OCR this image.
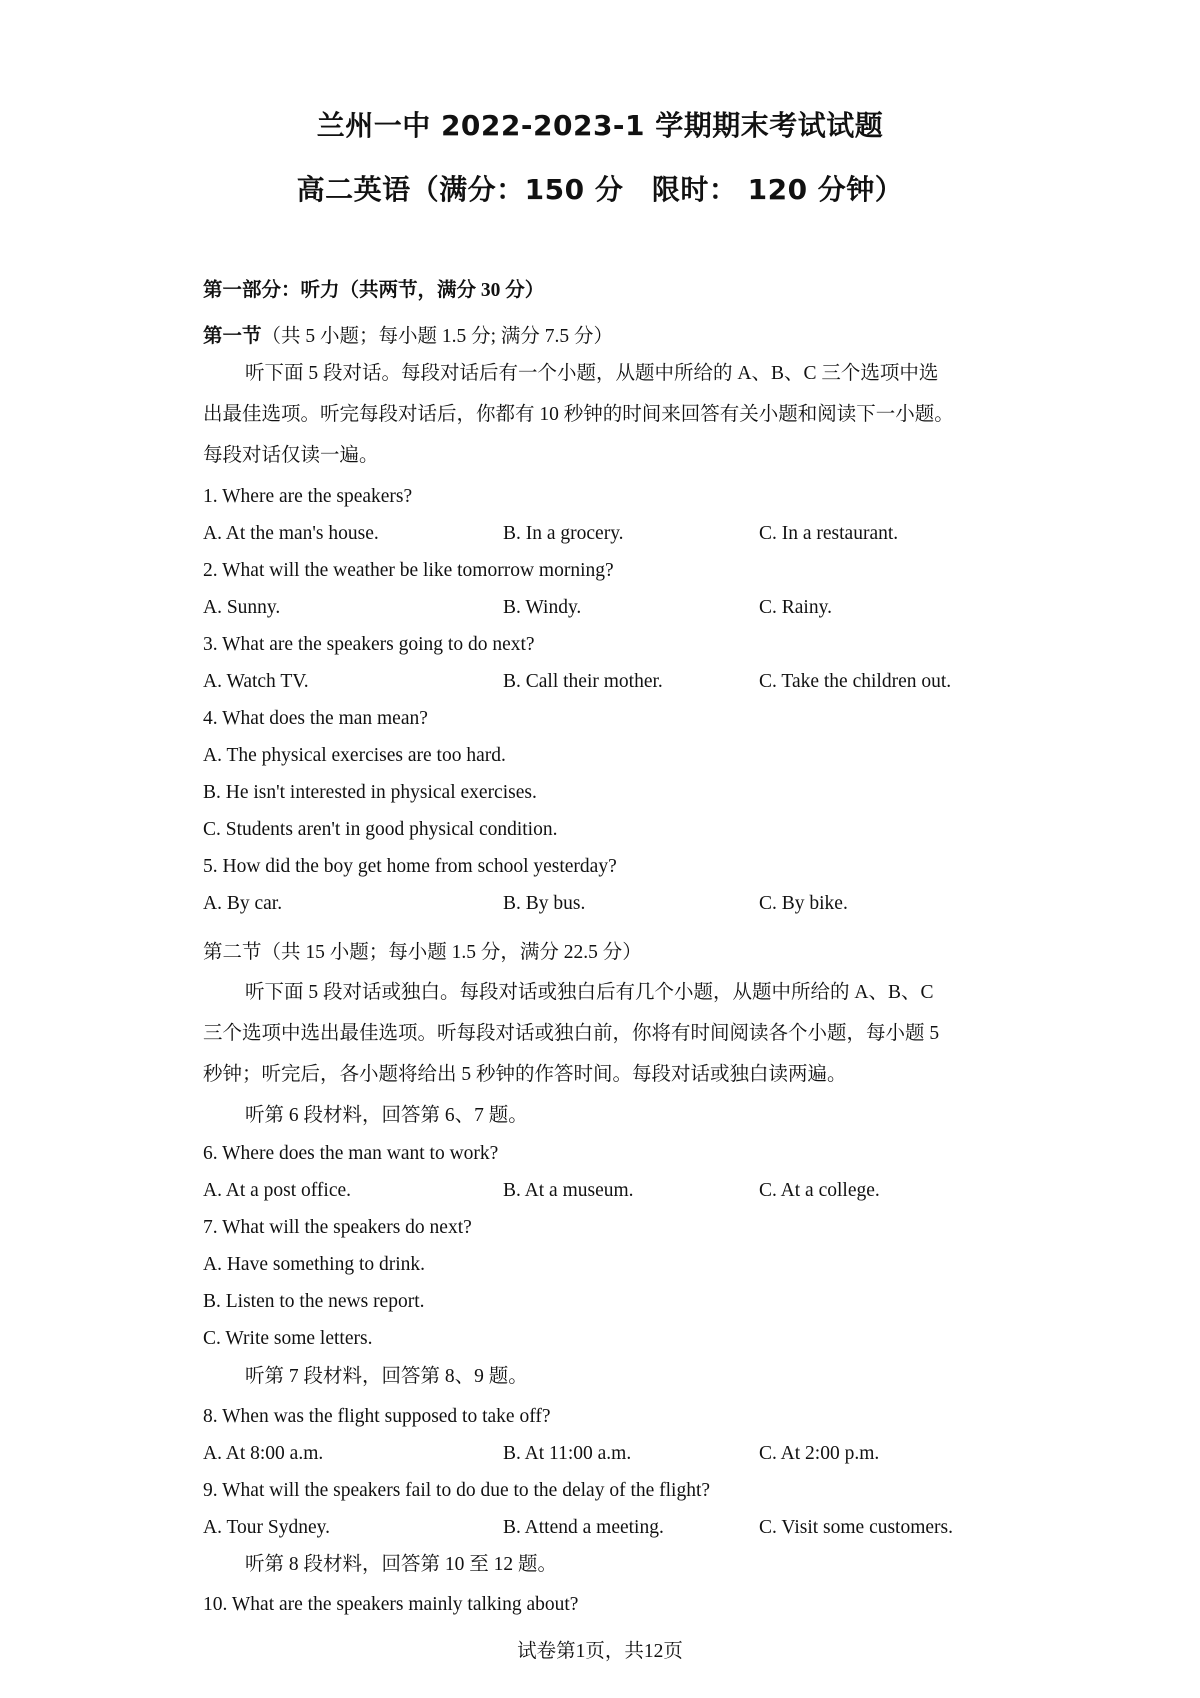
兰州一中 2022-2023-1 学期期末考试试题
高二英语（满分：150 分　限时： 120 分钟）
第一部分：听力（共两节，满分 30 分）
第一节（共 5 小题；每小题 1.5 分; 满分 7.5 分）
听下面 5 段对话。每段对话后有一个小题，从题中所给的 A、B、C 三个选项中选
出最佳选项。听完每段对话后，你都有 10 秒钟的时间来回答有关小题和阅读下一小题。
每段对话仅读一遍。
1. Where are the speakers?
A. At the man's house.	B. In a grocery.	C. In a restaurant.
2. What will the weather be like tomorrow morning?
A. Sunny.	B. Windy.	C. Rainy.
3. What are the speakers going to do next?
A. Watch TV.	B. Call their mother.	C. Take the children out.
4. What does the man mean?
A. The physical exercises are too hard.
B. He isn't interested in physical exercises.
C. Students aren't in good physical condition.
5. How did the boy get home from school yesterday?
A. By car.	B. By bus.	C. By bike.
第二节（共 15 小题；每小题 1.5 分，满分 22.5 分）
听下面 5 段对话或独白。每段对话或独白后有几个小题，从题中所给的 A、B、C
三个选项中选出最佳选项。听每段对话或独白前，你将有时间阅读各个小题，每小题 5
秒钟；听完后，各小题将给出 5 秒钟的作答时间。每段对话或独白读两遍。
听第 6 段材料，回答第 6、7 题。
6. Where does the man want to work?
A. At a post office.	B. At a museum.	C. At a college.
7. What will the speakers do next?
A. Have something to drink.
B. Listen to the news report.
C. Write some letters.
听第 7 段材料，回答第 8、9 题。
8. When was the flight supposed to take off?
A. At 8:00 a.m.	B. At 11:00 a.m.	C. At 2:00 p.m.
9. What will the speakers fail to do due to the delay of the flight?
A. Tour Sydney.	B. Attend a meeting.	C. Visit some customers.
听第 8 段材料，回答第 10 至 12 题。
10. What are the speakers mainly talking about?
试卷第1页，共12页
